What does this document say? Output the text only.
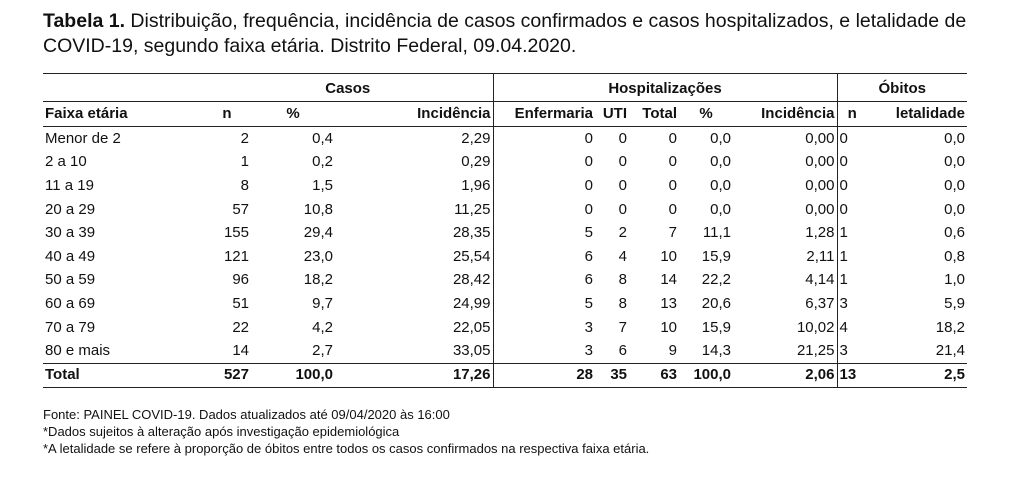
Tabela 1. Distribuição, frequência, incidência de casos confirmados e casos hospitalizados, e letalidade de COVID-19, segundo faixa etária. Distrito Federal, 09.04.2020.
	Casos			Hospitalizações					Óbitos	
Faixa etária	n	%	Incidência	Enfermaria	UTI	Total	%	Incidência	n	letalidade
Menor de 2	2	0,4	2,29	0	0	0	0,0	0,00	0	0,0
2 a 10	1	0,2	0,29	0	0	0	0,0	0,00	0	0,0
11 a 19	8	1,5	1,96	0	0	0	0,0	0,00	0	0,0
20 a 29	57	10,8	11,25	0	0	0	0,0	0,00	0	0,0
30 a 39	155	29,4	28,35	5	2	7	11,1	1,28	1	0,6
40 a 49	121	23,0	25,54	6	4	10	15,9	2,11	1	0,8
50 a 59	96	18,2	28,42	6	8	14	22,2	4,14	1	1,0
60 a 69	51	9,7	24,99	5	8	13	20,6	6,37	3	5,9
70 a 79	22	4,2	22,05	3	7	10	15,9	10,02	4	18,2
80 e mais	14	2,7	33,05	3	6	9	14,3	21,25	3	21,4
Total	527	100,0	17,26	28	35	63	100,0	2,06	13	2,5
Fonte: PAINEL COVID-19. Dados atualizados até 09/04/2020 às 16:00
*Dados sujeitos à alteração após investigação epidemiológica
*A letalidade se refere à proporção de óbitos entre todos os casos confirmados na respectiva faixa etária.
